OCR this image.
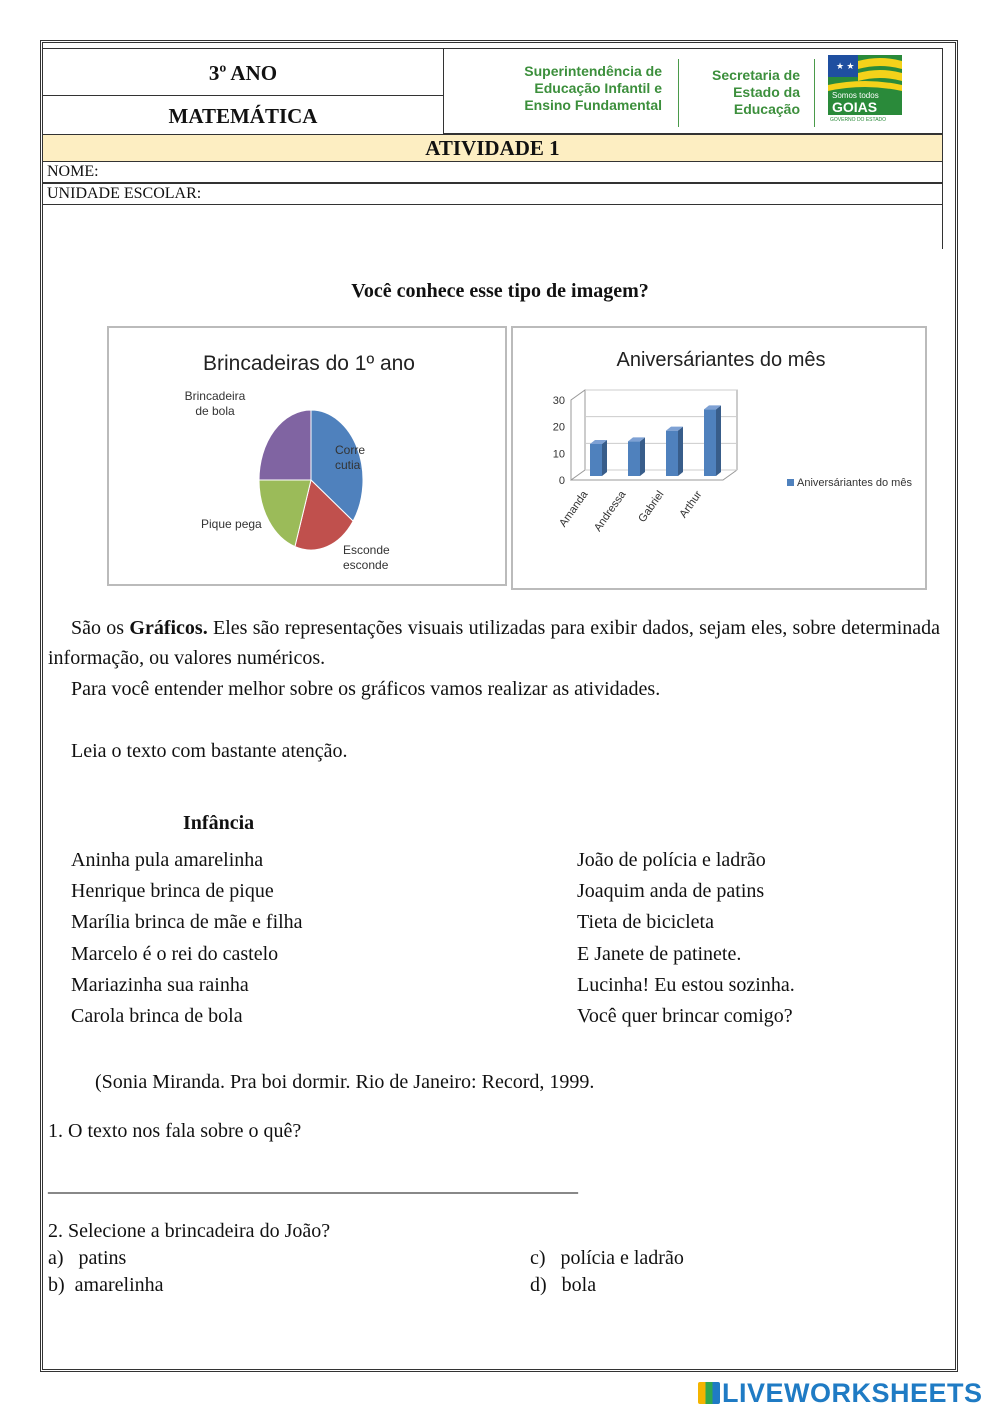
3º ANO
MATEMÁTICA
Superintendência de
Educação Infantil e
Ensino Fundamental
Secretaria de
Estado da
Educação
★ ★
Somos todos
GOIAS
GOVERNO DO ESTADO
ATIVIDADE 1
NOME:
UNIDADE ESCOLAR:
Você conhece esse tipo de imagem?
Brincadeiras do 1º ano
Corre cutia
Esconde esconde
Pique pega
Brincadeira de bola
Aniversáriantes do mês
0
10
20
30
Amanda Andressa Gabriel Arthur
Aniversáriantes do mês
São os Gráficos. Eles são representações visuais utilizadas para exibir dados, sejam eles, sobre determinada informação, ou valores numéricos.
Para você entender melhor sobre os gráficos vamos realizar as atividades.
Leia o texto com bastante atenção.
Infância
Aninha pula amarelinha
Henrique brinca de pique
Marília brinca de mãe e filha
Marcelo é o rei do castelo
Mariazinha sua rainha
Carola brinca de bola
João de polícia e ladrão
Joaquim anda de patins
Tieta de bicicleta
E Janete de patinete.
Lucinha! Eu estou sozinha.
Você quer brincar comigo?
(Sonia Miranda. Pra boi dormir. Rio de Janeiro: Record, 1999.
1. O texto nos fala sobre o quê?
_____________________________________________________
2. Selecione a brincadeira do João?
a) patins
b) amarelinha
c) polícia e ladrão
d) bola
LIVEWORKSHEETS
